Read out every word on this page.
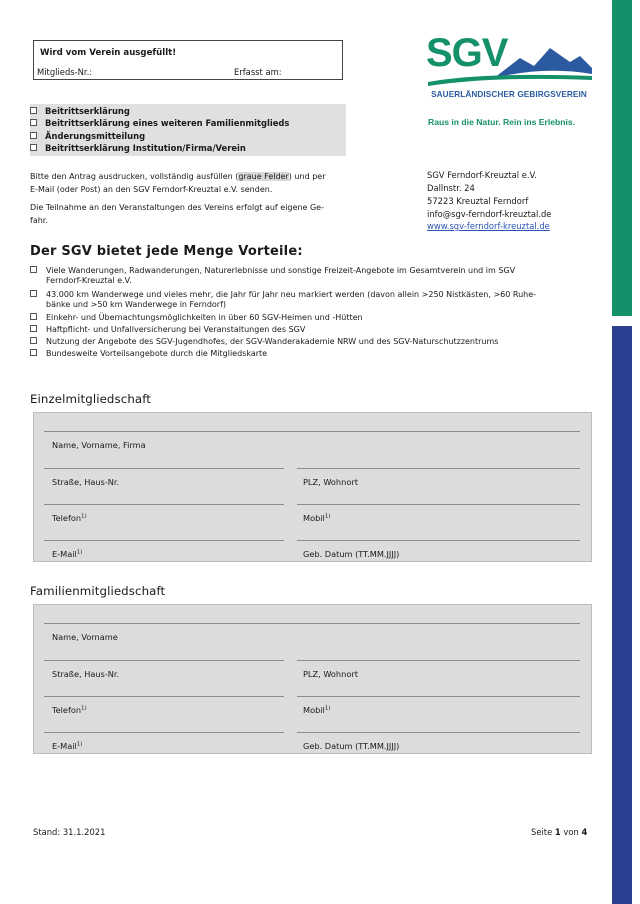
Wird vom Verein ausgefüllt!
Mitglieds-Nr.:	Erfasst am:	SGV
SAUERLÄNDISCHER GEBIRGSVEREIN
Raus in die Natur. Rein ins Erlebnis.
Beitrittserklärung
Beitrittserklärung eines weiteren Familienmitglieds
Änderungsmitteilung
Beitrittserklärung Institution/Firma/Verein
Bitte den Antrag ausdrucken, vollständig ausfüllen (graue Felder) und per
E-Mail (oder Post) an den SGV Ferndorf-Kreuztal e.V. senden.
Die Teilnahme an den Veranstaltungen des Vereins erfolgt auf eigene Ge-
fahr.
SGV Ferndorf-Kreuztal e.V.
Dallnstr. 24
57223 Kreuztal Ferndorf
info@sgv-ferndorf-kreuztal.de
www.sgv-ferndorf-kreuztal.de
Der SGV bietet jede Menge Vorteile:
Viele Wanderungen, Radwanderungen, Naturerlebnisse und sonstige Freizeit-Angebote im Gesamtverein und im SGV
Ferndorf-Kreuztal e.V.
43.000 km Wanderwege und vieles mehr, die Jahr für Jahr neu markiert werden (davon allein >250 Nistkästen, >60 Ruhe-
bänke und >50 km Wanderwege in Ferndorf)
Einkehr- und Übernachtungsmöglichkeiten in über 60 SGV-Heimen und -Hütten
Haftpflicht- und Unfallversicherung bei Veranstaltungen des SGV
Nutzung der Angebote des SGV-Jugendhofes, der SGV-Wanderakademie NRW und des SGV-Naturschutzzentrums
Bundesweite Vorteilsangebote durch die Mitgliedskarte
Einzelmitgliedschaft
Name, Vorname, Firma
Straße, Haus-Nr.	PLZ, Wohnort
Telefon$^{1)}$	Mobil$^{1)}$
E-Mail$^{1)}$	Geb. Datum (TT.MM.JJJJ)
Familienmitgliedschaft
Name, Vorname
Straße, Haus-Nr.	PLZ, Wohnort
Telefon$^{1)}$	Mobil$^{1)}$
E-Mail$^{1)}$	Geb. Datum (TT.MM.JJJJ)
Stand: 31.1.2021	Seite 1 von 4
